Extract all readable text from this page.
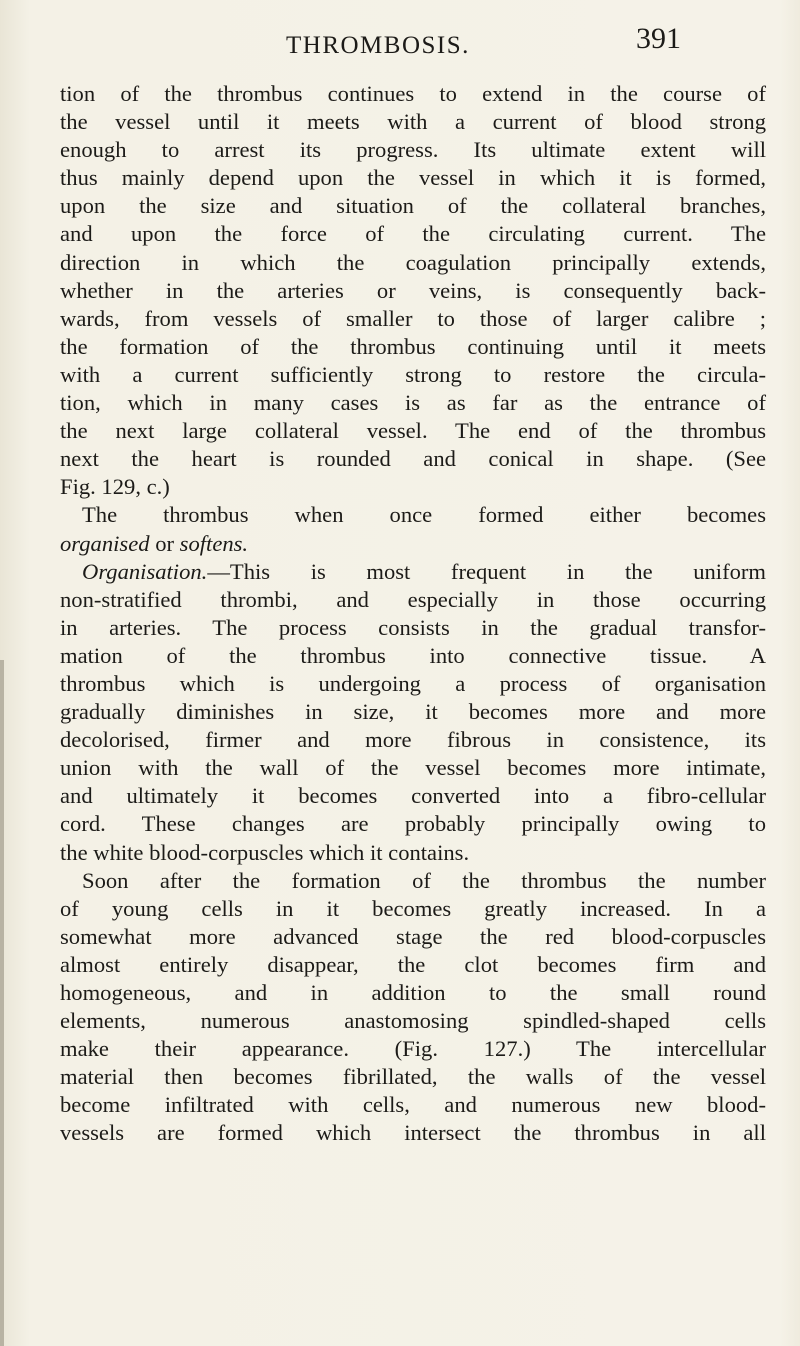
THROMBOSIS.	391
tion of the thrombus continues to extend in the course of
the vessel until it meets with a current of blood strong
enough to arrest its progress. Its ultimate extent will
thus mainly depend upon the vessel in which it is formed,
upon the size and situation of the collateral branches,
and upon the force of the circulating current. The
direction in which the coagulation principally extends,
whether in the arteries or veins, is consequently back-
wards, from vessels of smaller to those of larger calibre ;
the formation of the thrombus continuing until it meets
with a current sufficiently strong to restore the circula-
tion, which in many cases is as far as the entrance of
the next large collateral vessel. The end of the thrombus
next the heart is rounded and conical in shape. (See
Fig. 129, c.)
The thrombus when once formed either becomes
organised or softens.
Organisation.—This is most frequent in the uniform
non-stratified thrombi, and especially in those occurring
in arteries. The process consists in the gradual transfor-
mation of the thrombus into connective tissue. A
thrombus which is undergoing a process of organisation
gradually diminishes in size, it becomes more and more
decolorised, firmer and more fibrous in consistence, its
union with the wall of the vessel becomes more intimate,
and ultimately it becomes converted into a fibro-cellular
cord. These changes are probably principally owing to
the white blood-corpuscles which it contains.
Soon after the formation of the thrombus the number
of young cells in it becomes greatly increased. In a
somewhat more advanced stage the red blood-corpuscles
almost entirely disappear, the clot becomes firm and
homogeneous, and in addition to the small round
elements, numerous anastomosing spindled-shaped cells
make their appearance. (Fig. 127.) The intercellular
material then becomes fibrillated, the walls of the vessel
become infiltrated with cells, and numerous new blood-
vessels are formed which intersect the thrombus in all
